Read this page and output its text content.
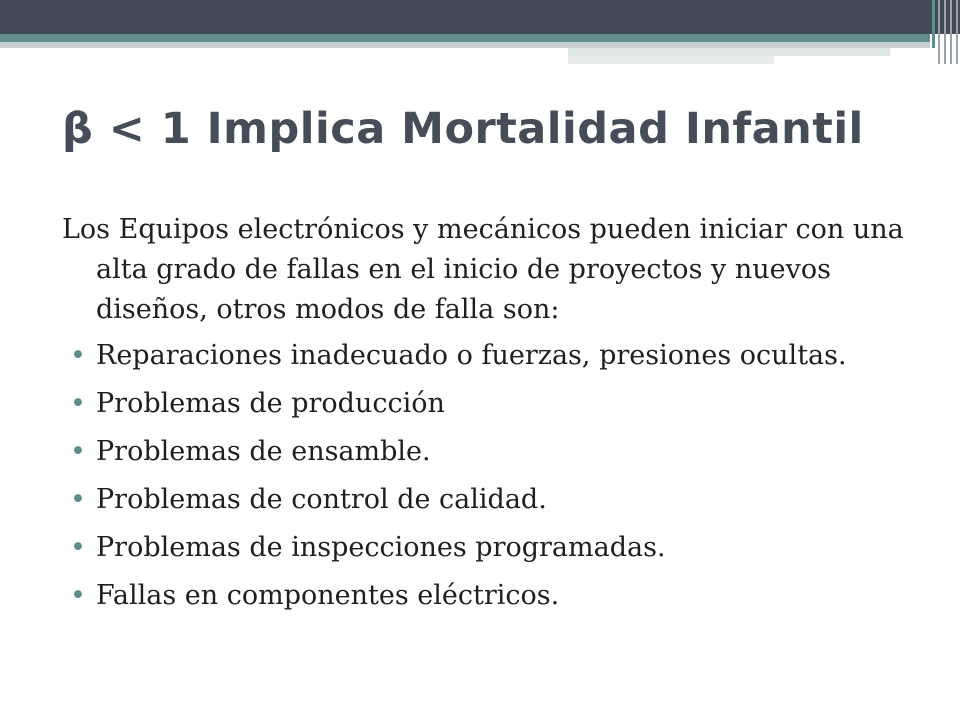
β < 1 Implica Mortalidad Infantil

Los Equipos electrónicos y mecánicos pueden iniciar con una alta grado de fallas en el inicio de proyectos y nuevos diseños, otros modos de falla son:

• Reparaciones inadecuado o fuerzas, presiones ocultas.
• Problemas de producción
• Problemas de ensamble.
• Problemas de control de calidad.
• Problemas de inspecciones programadas.
• Fallas en componentes eléctricos.
